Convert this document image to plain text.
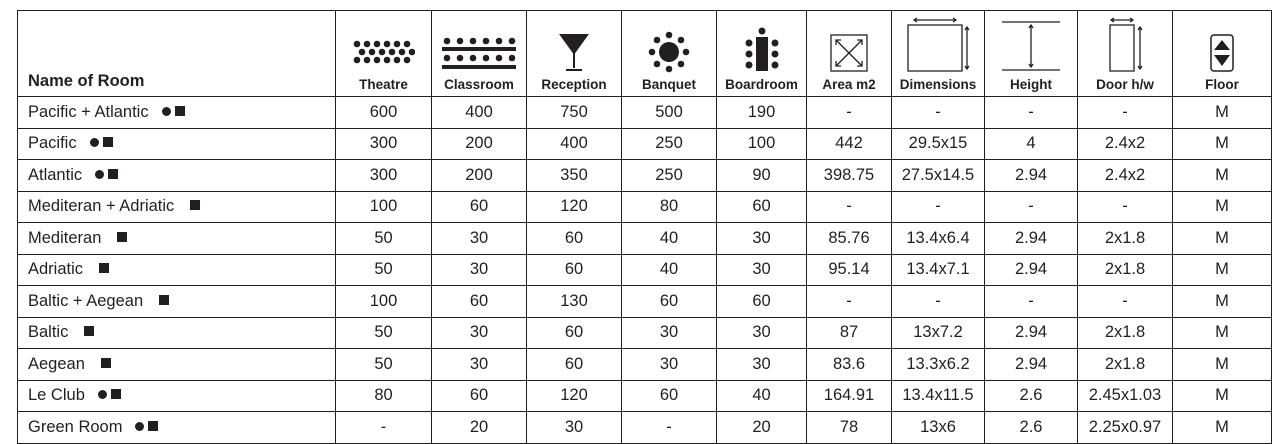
Name of Room	Theatre	Classroom	Reception	Banquet	Boardroom	Area m2	Dimensions	Height	Door h/w	Floor

Pacific + Atlantic	600	400	750	500	190	-	-	-	-	M
Pacific	300	200	400	250	100	442	29.5x15	4	2.4x2	M
Atlantic	300	200	350	250	90	398.75	27.5x14.5	2.94	2.4x2	M
Mediteran + Adriatic	100	60	120	80	60	-	-	-	-	M
Mediteran	50	30	60	40	30	85.76	13.4x6.4	2.94	2x1.8	M
Adriatic	50	30	60	40	30	95.14	13.4x7.1	2.94	2x1.8	M
Baltic + Aegean	100	60	130	60	60	-	-	-	-	M
Baltic	50	30	60	30	30	87	13x7.2	2.94	2x1.8	M
Aegean	50	30	60	30	30	83.6	13.3x6.2	2.94	2x1.8	M
Le Club	80	60	120	60	40	164.91	13.4x11.5	2.6	2.45x1.03	M
Green Room	-	20	30	-	20	78	13x6	2.6	2.25x0.97	M
